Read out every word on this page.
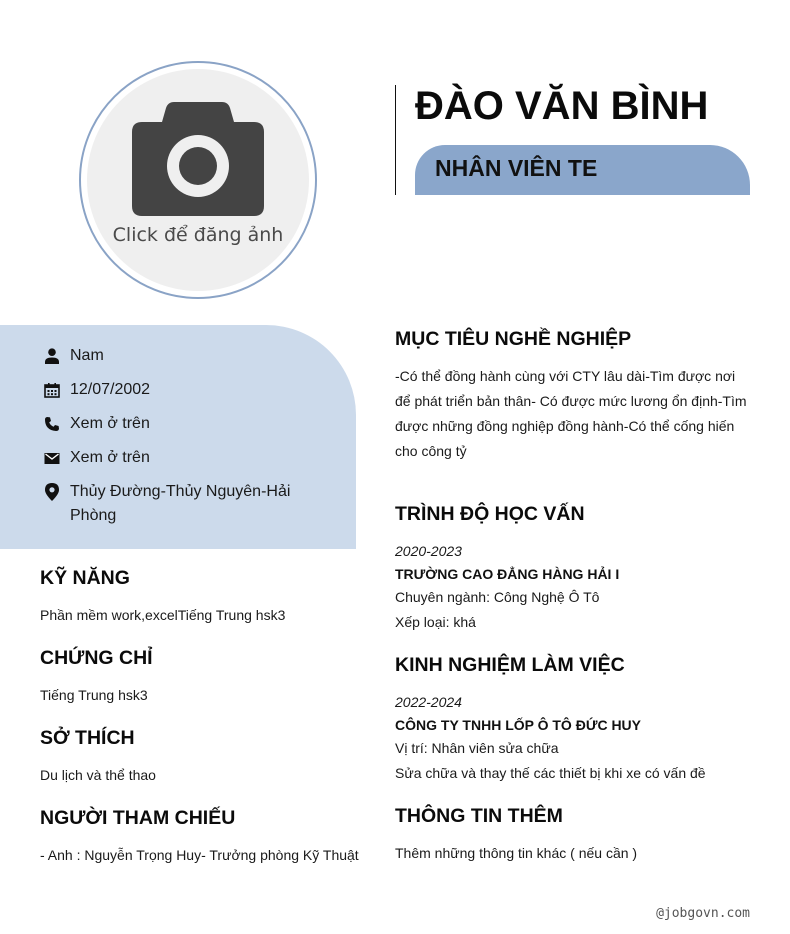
Click để đăng ảnh
ĐÀO VĂN BÌNH
NHÂN VIÊN TE
Nam
12/07/2002
Xem ở trên
Xem ở trên
Thủy Đường-Thủy Nguyên-Hải Phòng
KỸ NĂNG
Phần mềm work,excelTiếng Trung hsk3
CHỨNG CHỈ
Tiếng Trung hsk3
SỞ THÍCH
Du lịch và thể thao
NGƯỜI THAM CHIẾU
- Anh : Nguyễn Trọng Huy- Trưởng phòng Kỹ Thuật
MỤC TIÊU NGHỀ NGHIỆP
-Có thể đồng hành cùng với CTY lâu dài-Tìm được nơi để phát triển bản thân- Có được mức lương ổn định-Tìm được những đồng nghiệp đồng hành-Có thể cống hiến cho công tỷ
TRÌNH ĐỘ HỌC VẤN
2020-2023
TRƯỜNG CAO ĐẲNG HÀNG HẢI I
Chuyên ngành: Công Nghệ Ô Tô
Xếp loại: khá
KINH NGHIỆM LÀM VIỆC
2022-2024
CÔNG TY TNHH LỐP Ô TÔ ĐỨC HUY
Vị trí: Nhân viên sửa chữa
Sửa chữa và thay thế các thiết bị khi xe có vấn đề
THÔNG TIN THÊM
Thêm những thông tin khác ( nếu cần )
@jobgovn.com
